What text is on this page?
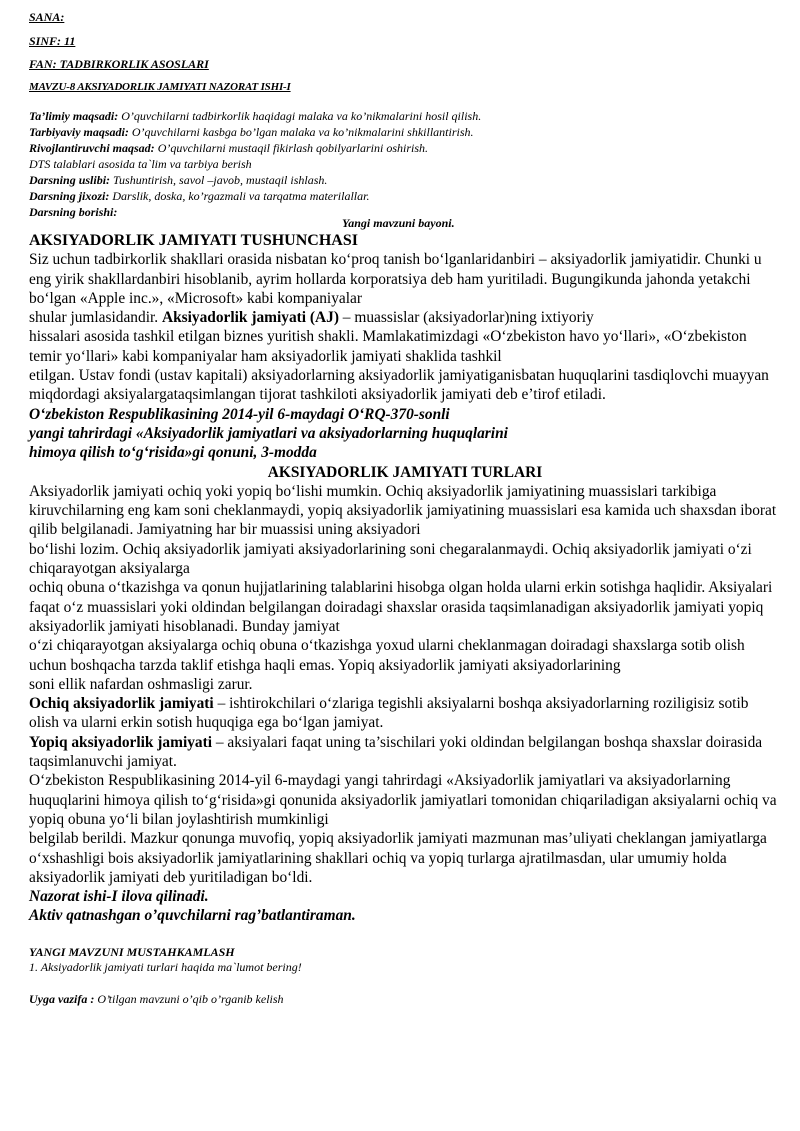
SANA:
SINF: 11
FAN: TADBIRKORLIK ASOSLARI
MAVZU-8 AKSIYADORLIK JAMIYATI NAZORAT ISHI-I
Ta’limiy maqsadi: O’quvchilarni tadbirkorlik haqidagi malaka va ko’nikmalarini hosil qilish.
Tarbiyaviy maqsadi: O’quvchilarni kasbga bo’lgan malaka va ko’nikmalarini shkillantirish.
Rivojlantiruvchi maqsad: O’quvchilarni mustaqil fikirlash qobilyarlarini oshirish.
DTS talablari asosida ta`lim va tarbiya berish
Darsning uslibi: Tushuntirish, savol –javob, mustaqil ishlash.
Darsning jixozi: Darslik, doska, ko’rgazmali va tarqatma materilallar.
Darsning borishi:
Yangi mavzuni bayoni.

AKSIYADORLIK JAMIYATI TUSHUNCHASI

Siz uchun tadbirkorlik shakllari orasida nisbatan ko‘proq tanish bo‘lganlaridanbiri – aksiyadorlik jamiyatidir. Chunki u eng yirik shakllardanbiri hisoblanib, ayrim hollarda korporatsiya deb ham yuritiladi. Bugungikunda jahonda yetakchi bo‘lgan «Apple inc.», «Microsoft» kabi kompaniyalar

shular jumlasidandir. Aksiyadorlik jamiyati (AJ) – muassislar (aksiyadorlar)ning ixtiyoriy

hissalari asosida tashkil etilgan biznes yuritish shakli. Mamlakatimizdagi «O‘zbekiston havo yo‘llari», «O‘zbekiston temir yo‘llari» kabi kompaniyalar ham aksiyadorlik jamiyati shaklida tashkil

etilgan. Ustav fondi (ustav kapitali) aksiyadorlarning aksiyadorlik jamiyatiganisbatan huquqlarini tasdiqlovchi muayyan miqdordagi aksiyalargataqsimlangan tijorat tashkiloti aksiyadorlik jamiyati deb e’tirof etiladi.

O‘zbekiston Respublikasining 2014-yil 6-maydagi O‘RQ-370-sonli

yangi tahrirdagi «Aksiyadorlik jamiyatlari va aksiyadorlarning huquqlarini

himoya qilish to‘g‘risida»gi qonuni, 3-modda

AKSIYADORLIK JAMIYATI TURLARI

Aksiyadorlik jamiyati ochiq yoki yopiq bo‘lishi mumkin. Ochiq aksiyadorlik jamiyatining muassislari tarkibiga kiruvchilarning eng kam soni cheklanmaydi, yopiq aksiyadorlik jamiyatining muassislari esa kamida uch shaxsdan iborat qilib belgilanadi. Jamiyatning har bir muassisi uning aksiyadori

bo‘lishi lozim. Ochiq aksiyadorlik jamiyati aksiyadorlarining soni chegaralanmaydi. Ochiq aksiyadorlik jamiyati o‘zi chiqarayotgan aksiyalarga

ochiq obuna o‘tkazishga va qonun hujjatlarining talablarini hisobga olgan holda ularni erkin sotishga haqlidir. Aksiyalari faqat o‘z muassislari yoki oldindan belgilangan doiradagi shaxslar orasida taqsimlanadigan aksiyadorlik jamiyati yopiq aksiyadorlik jamiyati hisoblanadi. Bunday jamiyat

o‘zi chiqarayotgan aksiyalarga ochiq obuna o‘tkazishga yoxud ularni cheklanmagan doiradagi shaxslarga sotib olish uchun boshqacha tarzda taklif etishga haqli emas. Yopiq aksiyadorlik jamiyati aksiyadorlarining

soni ellik nafardan oshmasligi zarur.

Ochiq aksiyadorlik jamiyati – ishtirokchilari o‘zlariga tegishli aksiyalarni boshqa aksiyadorlarning roziligisiz sotib olish va ularni erkin sotish huquqiga ega bo‘lgan jamiyat.

Yopiq aksiyadorlik jamiyati – aksiyalari faqat uning ta’sischilari yoki oldindan belgilangan boshqa shaxslar doirasida taqsimlanuvchi jamiyat.

O‘zbekiston Respublikasining 2014-yil 6-maydagi yangi tahrirdagi «Aksiyadorlik jamiyatlari va aksiyadorlarning huquqlarini himoya qilish to‘g‘risida»gi qonunida aksiyadorlik jamiyatlari tomonidan chiqariladigan aksiyalarni ochiq va yopiq obuna yo‘li bilan joylashtirish mumkinligi

belgilab berildi. Mazkur qonunga muvofiq, yopiq aksiyadorlik jamiyati mazmunan mas’uliyati cheklangan jamiyatlarga o‘xshashligi bois aksiyadorlik jamiyatlarining shakllari ochiq va yopiq turlarga ajratilmasdan, ular umumiy holda aksiyadorlik jamiyati deb yuritiladigan bo‘ldi.

Nazorat ishi-I ilova qilinadi.

Aktiv qatnashgan o’quvchilarni rag’batlantiraman.

YANGI MAVZUNI MUSTAHKAMLASH
1. Aksiyadorlik jamiyati turlari haqida ma`lumot bering!
Uyga vazifa : O’tilgan mavzuni o’qib o’rganib kelish
